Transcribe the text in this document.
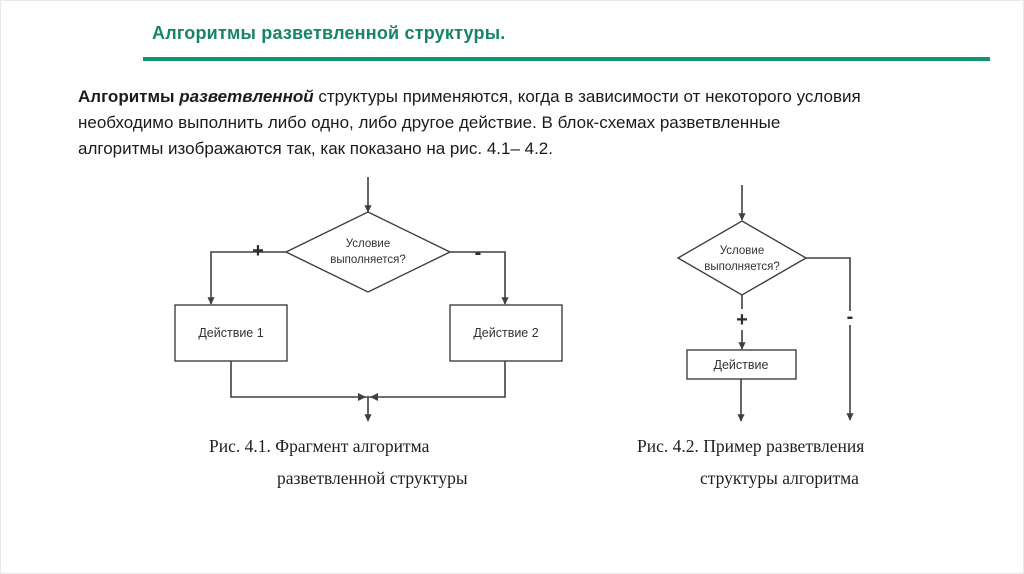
Алгоритмы разветвленной структуры.
Алгоритмы разветвленной структуры применяются, когда в зависимости от некоторого условия
необходимо выполнить либо одно, либо другое действие. В блок-схемах разветвленные
алгоритмы изображаются так, как показано на рис. 4.1– 4.2.
Условие
выполняется?
+	-
Действие 1	Действие 2
Условие
выполняется?
+
Действие
-
Рис. 4.1. Фрагмент алгоритма
разветвленной структуры
Рис. 4.2. Пример разветвления
структуры алгоритма
